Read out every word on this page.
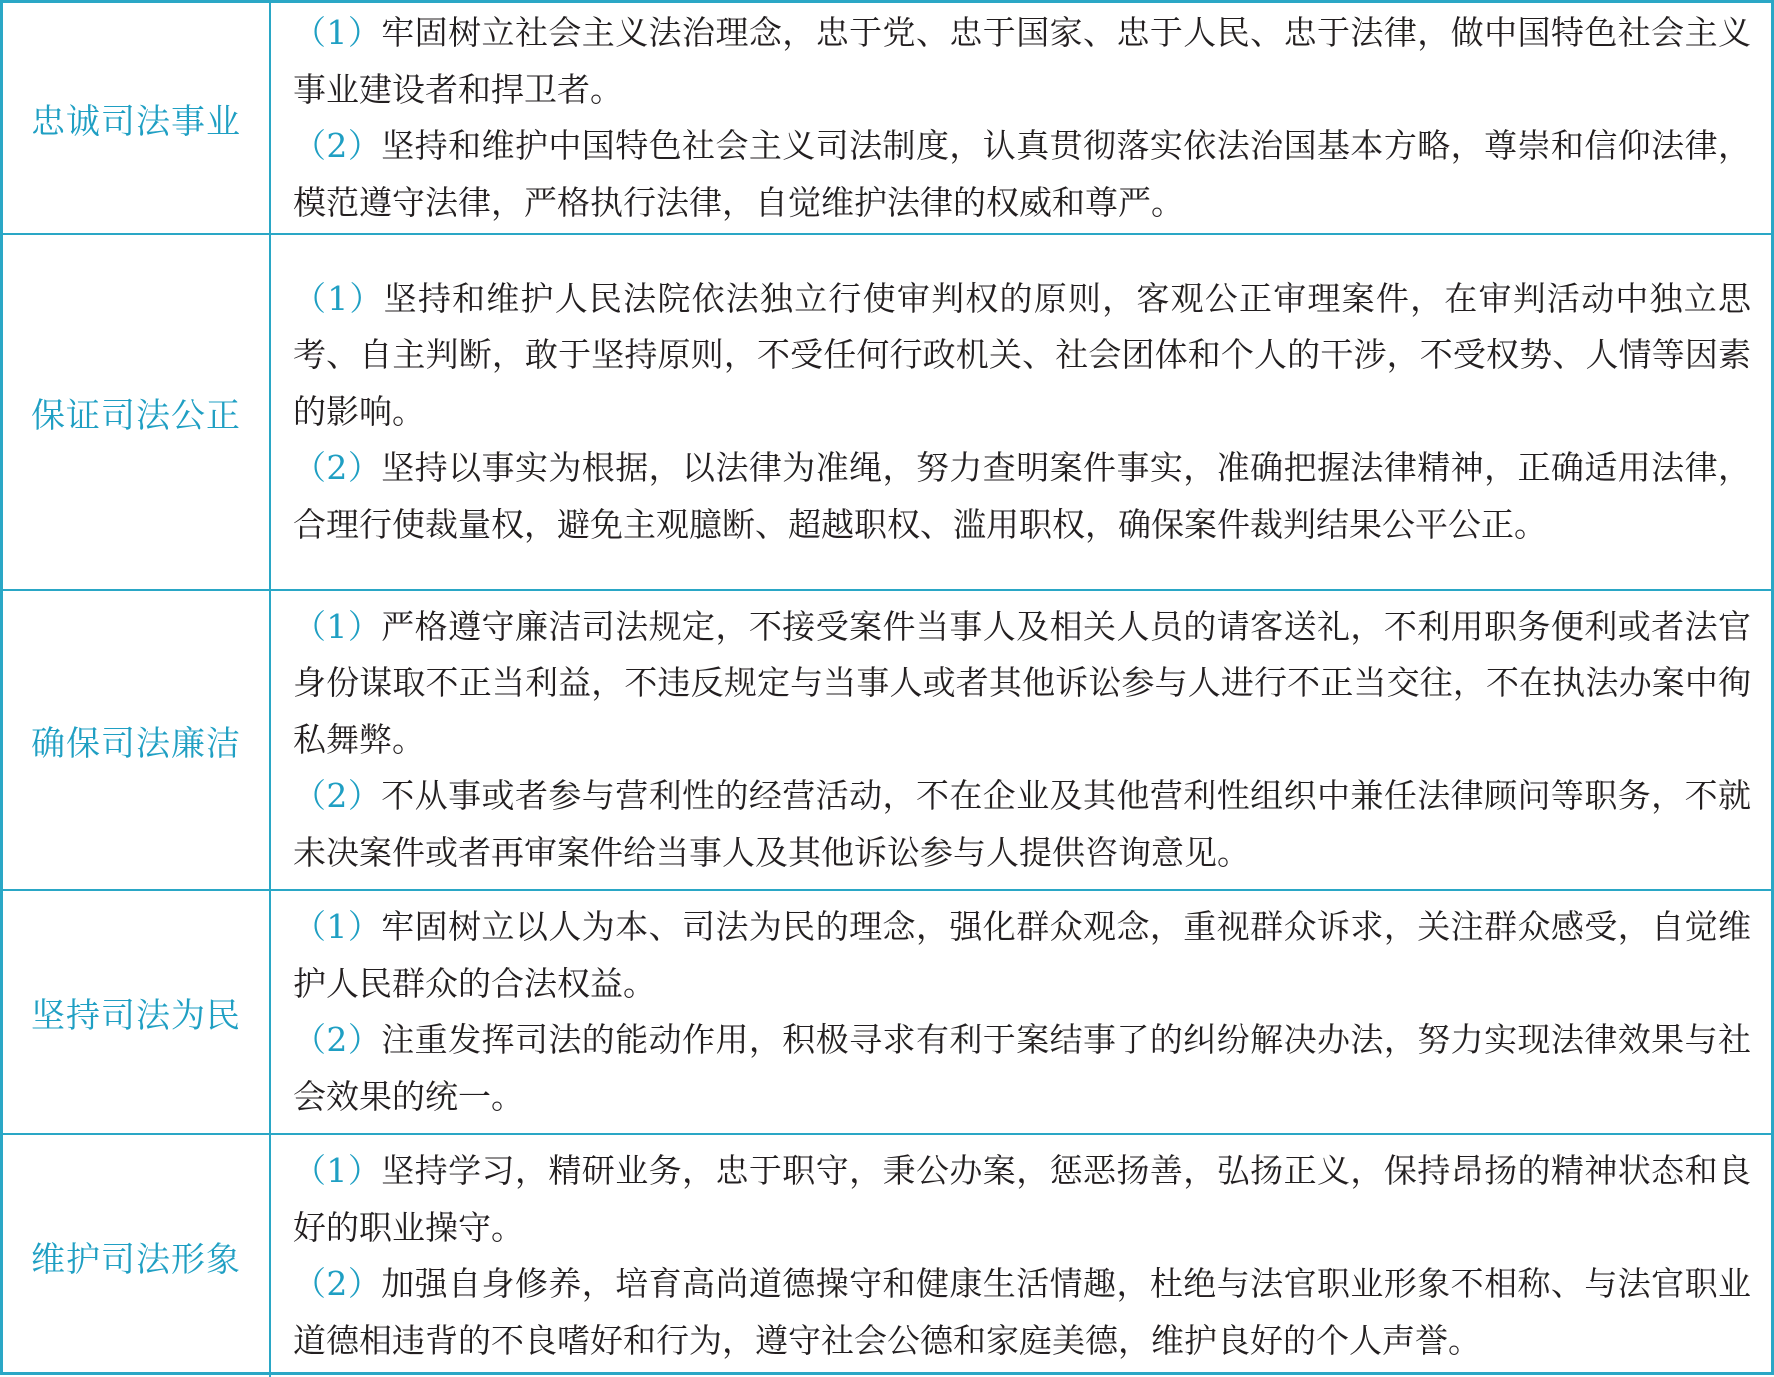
忠诚司法事业	（1）牢固树立社会主义法治理念，忠于党、忠于国家、忠于人民、忠于法律，做中国特色社会主义事业建设者和捍卫者。

（2）坚持和维护中国特色社会主义司法制度，认真贯彻落实依法治国基本方略，尊崇和信仰法律，模范遵守法律，严格执行法律，自觉维护法律的权威和尊严。

保证司法公正	（1）坚持和维护人民法院依法独立行使审判权的原则，客观公正审理案件，在审判活动中独立思考、自主判断，敢于坚持原则，不受任何行政机关、社会团体和个人的干涉，不受权势、人情等因素的影响。

（2）坚持以事实为根据，以法律为准绳，努力查明案件事实，准确把握法律精神，正确适用法律，合理行使裁量权，避免主观臆断、超越职权、滥用职权，确保案件裁判结果公平公正。

确保司法廉洁	（1）严格遵守廉洁司法规定，不接受案件当事人及相关人员的请客送礼，不利用职务便利或者法官身份谋取不正当利益，不违反规定与当事人或者其他诉讼参与人进行不正当交往，不在执法办案中徇私舞弊。

（2）不从事或者参与营利性的经营活动，不在企业及其他营利性组织中兼任法律顾问等职务，不就未决案件或者再审案件给当事人及其他诉讼参与人提供咨询意见。

坚持司法为民	（1）牢固树立以人为本、司法为民的理念，强化群众观念，重视群众诉求，关注群众感受，自觉维护人民群众的合法权益。

（2）注重发挥司法的能动作用，积极寻求有利于案结事了的纠纷解决办法，努力实现法律效果与社会效果的统一。

维护司法形象	（1）坚持学习，精研业务，忠于职守，秉公办案，惩恶扬善，弘扬正义，保持昂扬的精神状态和良好的职业操守。

（2）加强自身修养，培育高尚道德操守和健康生活情趣，杜绝与法官职业形象不相称、与法官职业道德相违背的不良嗜好和行为，遵守社会公德和家庭美德，维护良好的个人声誉。
